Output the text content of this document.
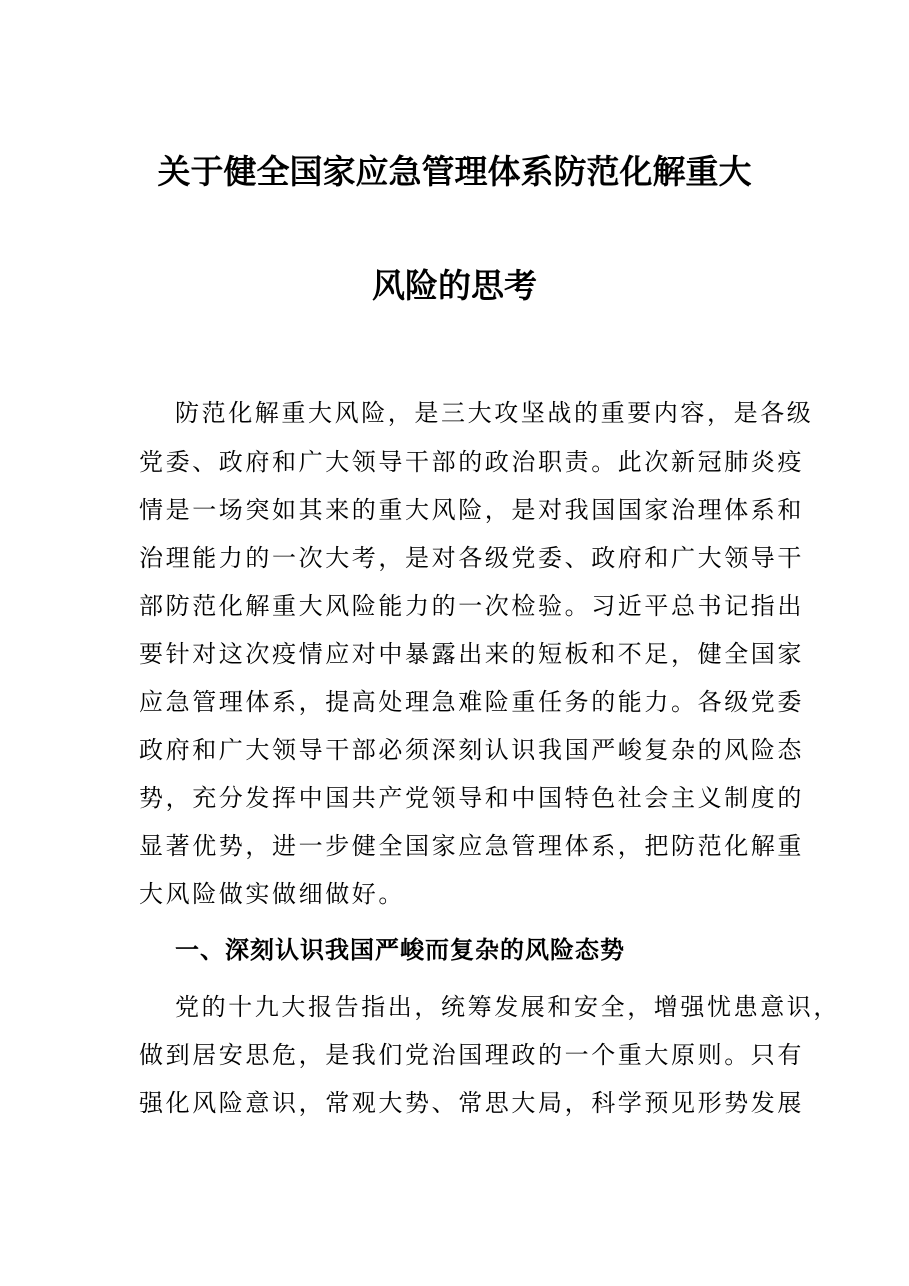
关于健全国家应急管理体系防范化解重大
风险的思考
防范化解重大风险，是三大攻坚战的重要内容，是各级
党委、政府和广大领导干部的政治职责。此次新冠肺炎疫
情是一场突如其来的重大风险，是对我国国家治理体系和
治理能力的一次大考，是对各级党委、政府和广大领导干
部防范化解重大风险能力的一次检验。习近平总书记指出
要针对这次疫情应对中暴露出来的短板和不足，健全国家
应急管理体系，提高处理急难险重任务的能力。各级党委
政府和广大领导干部必须深刻认识我国严峻复杂的风险态
势，充分发挥中国共产党领导和中国特色社会主义制度的
显著优势，进一步健全国家应急管理体系，把防范化解重
大风险做实做细做好。
一、深刻认识我国严峻而复杂的风险态势
党的十九大报告指出，统筹发展和安全，增强忧患意识，
做到居安思危，是我们党治国理政的一个重大原则。只有
强化风险意识，常观大势、常思大局，科学预见形势发展
